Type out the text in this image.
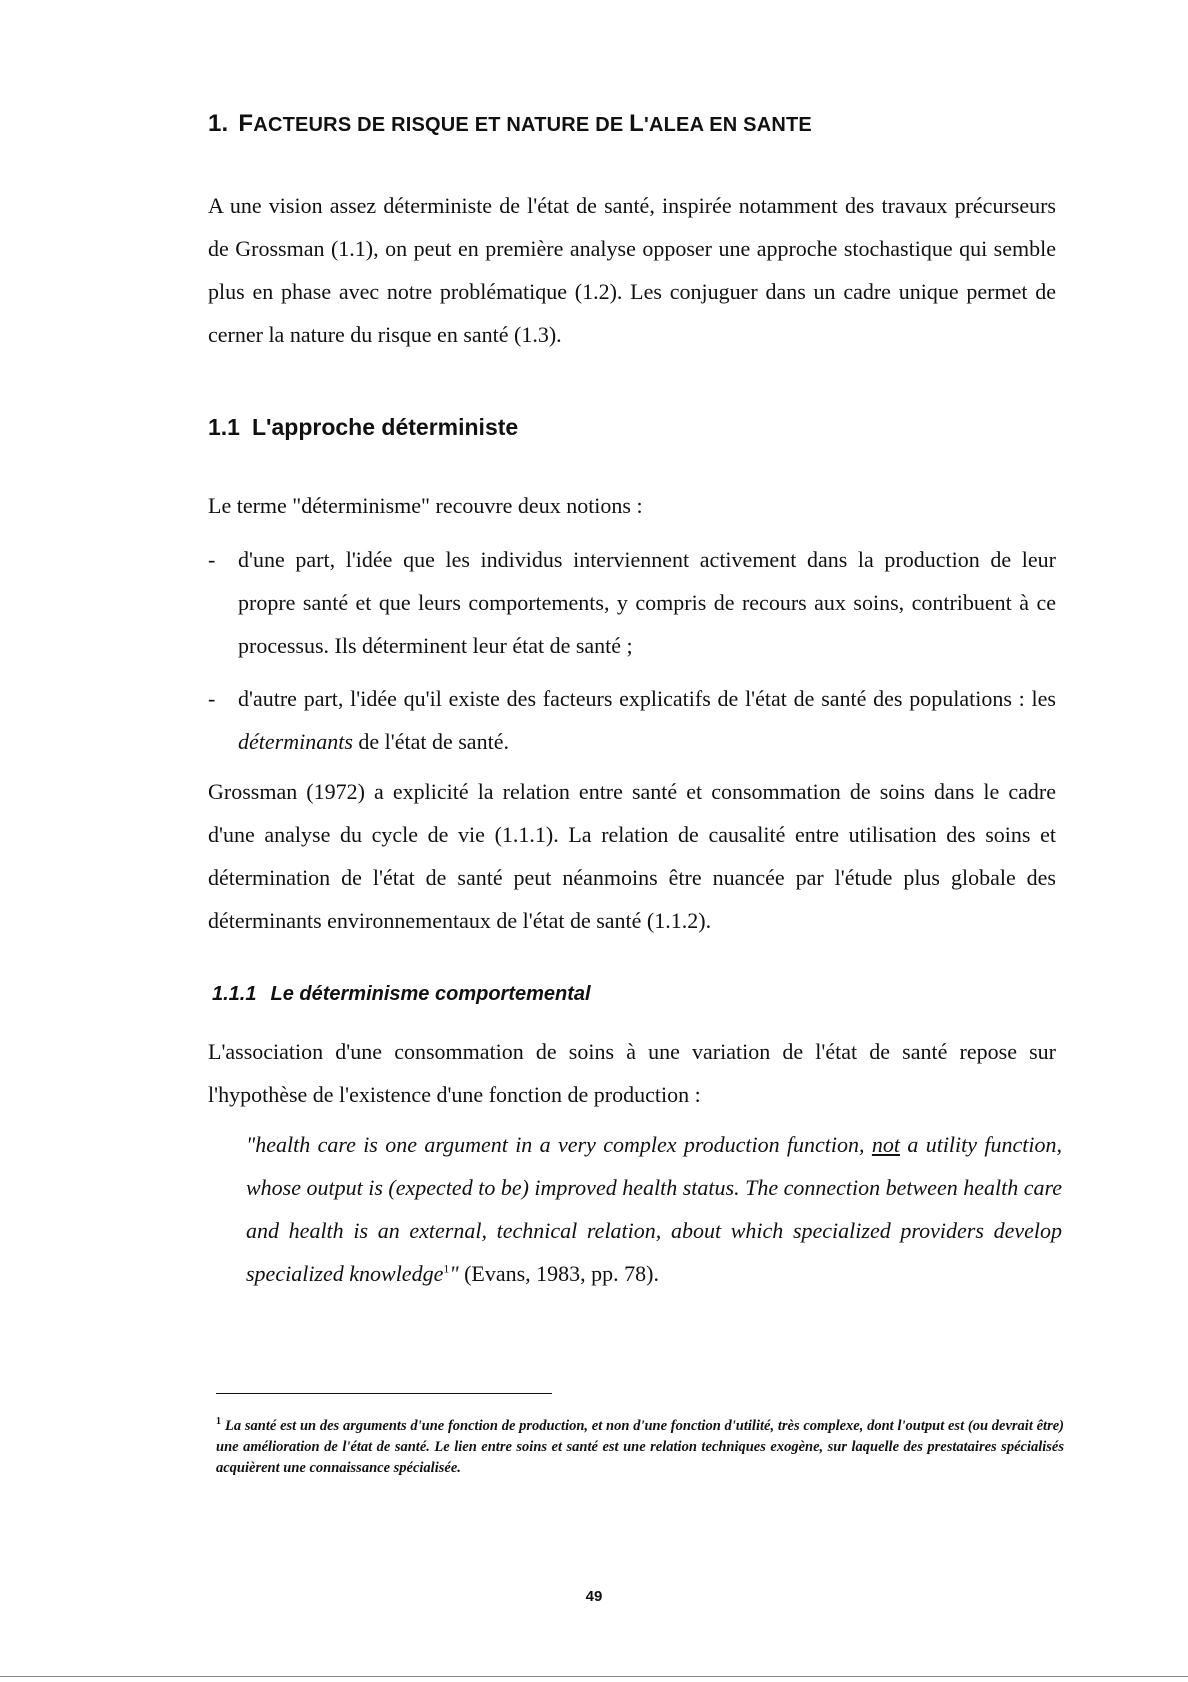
1. FACTEURS DE RISQUE ET NATURE DE L'ALEA EN SANTE

A une vision assez déterministe de l'état de santé, inspirée notamment des travaux précurseurs de Grossman (1.1), on peut en première analyse opposer une approche stochastique qui semble plus en phase avec notre problématique (1.2). Les conjuguer dans un cadre unique permet de cerner la nature du risque en santé (1.3).

1.1 L'approche déterministe

Le terme "déterminisme" recouvre deux notions :

-	d'une part, l'idée que les individus interviennent activement dans la production de leur propre santé et que leurs comportements, y compris de recours aux soins, contribuent à ce processus. Ils déterminent leur état de santé ;

-	d'autre part, l'idée qu'il existe des facteurs explicatifs de l'état de santé des populations : les déterminants de l'état de santé.

Grossman (1972) a explicité la relation entre santé et consommation de soins dans le cadre d'une analyse du cycle de vie (1.1.1). La relation de causalité entre utilisation des soins et détermination de l'état de santé peut néanmoins être nuancée par l'étude plus globale des déterminants environnementaux de l'état de santé (1.1.2).

1.1.1 Le déterminisme comportemental

L'association d'une consommation de soins à une variation de l'état de santé repose sur l'hypothèse de l'existence d'une fonction de production :

"health care is one argument in a very complex production function, not a utility function, whose output is (expected to be) improved health status. The connection between health care and health is an external, technical relation, about which specialized providers develop specialized knowledge$^1$" (Evans, 1983, pp. 78).

$^1$ La santé est un des arguments d'une fonction de production, et non d'une fonction d'utilité, très complexe, dont l'output est (ou devrait être) une amélioration de l'état de santé. Le lien entre soins et santé est une relation techniques exogène, sur laquelle des prestataires spécialisés acquièrent une connaissance spécialisée.

49
